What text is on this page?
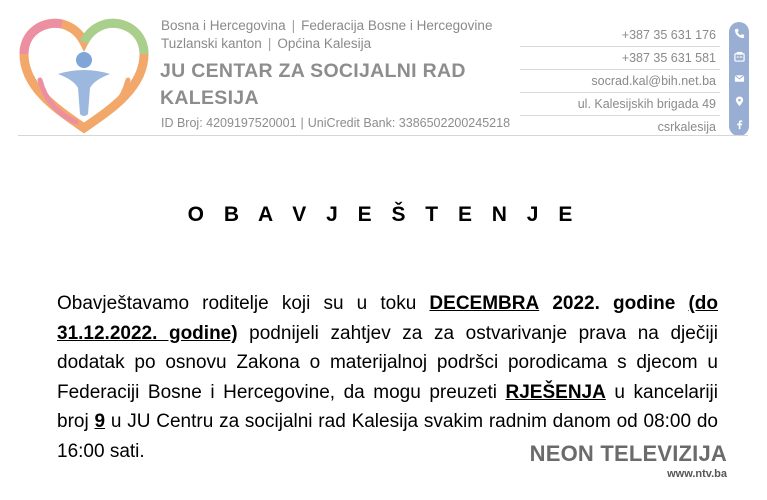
Bosna i Hercegovina | Federacija Bosne i Hercegovine
Tuzlanski kanton | Općina Kalesija
JU CENTAR ZA SOCIJALNI RAD
KALESIJA
ID Broj: 4209197520001 | UniCredit Bank: 3386502200245218
+387 35 631 176
+387 35 631 581
socrad.kal@bih.net.ba
ul. Kalesijskih brigada 49
csrkalesija
O B A V J E Š T E N J E
Obavještavamo roditelje koji su u toku DECEMBRA 2022. godine (do 31.12.2022. godine) podnijeli zahtjev za za ostvarivanje prava na dječiji dodatak po osnovu Zakona o materijalnoj podršci porodicama s djecom u Federaciji Bosne i Hercegovine, da mogu preuzeti RJEŠENJA u kancelariji broj 9 u JU Centru za socijalni rad Kalesija svakim radnim danom od 08:00 do 16:00 sati.	NEON TELEVIZIJA
www.ntv.ba
